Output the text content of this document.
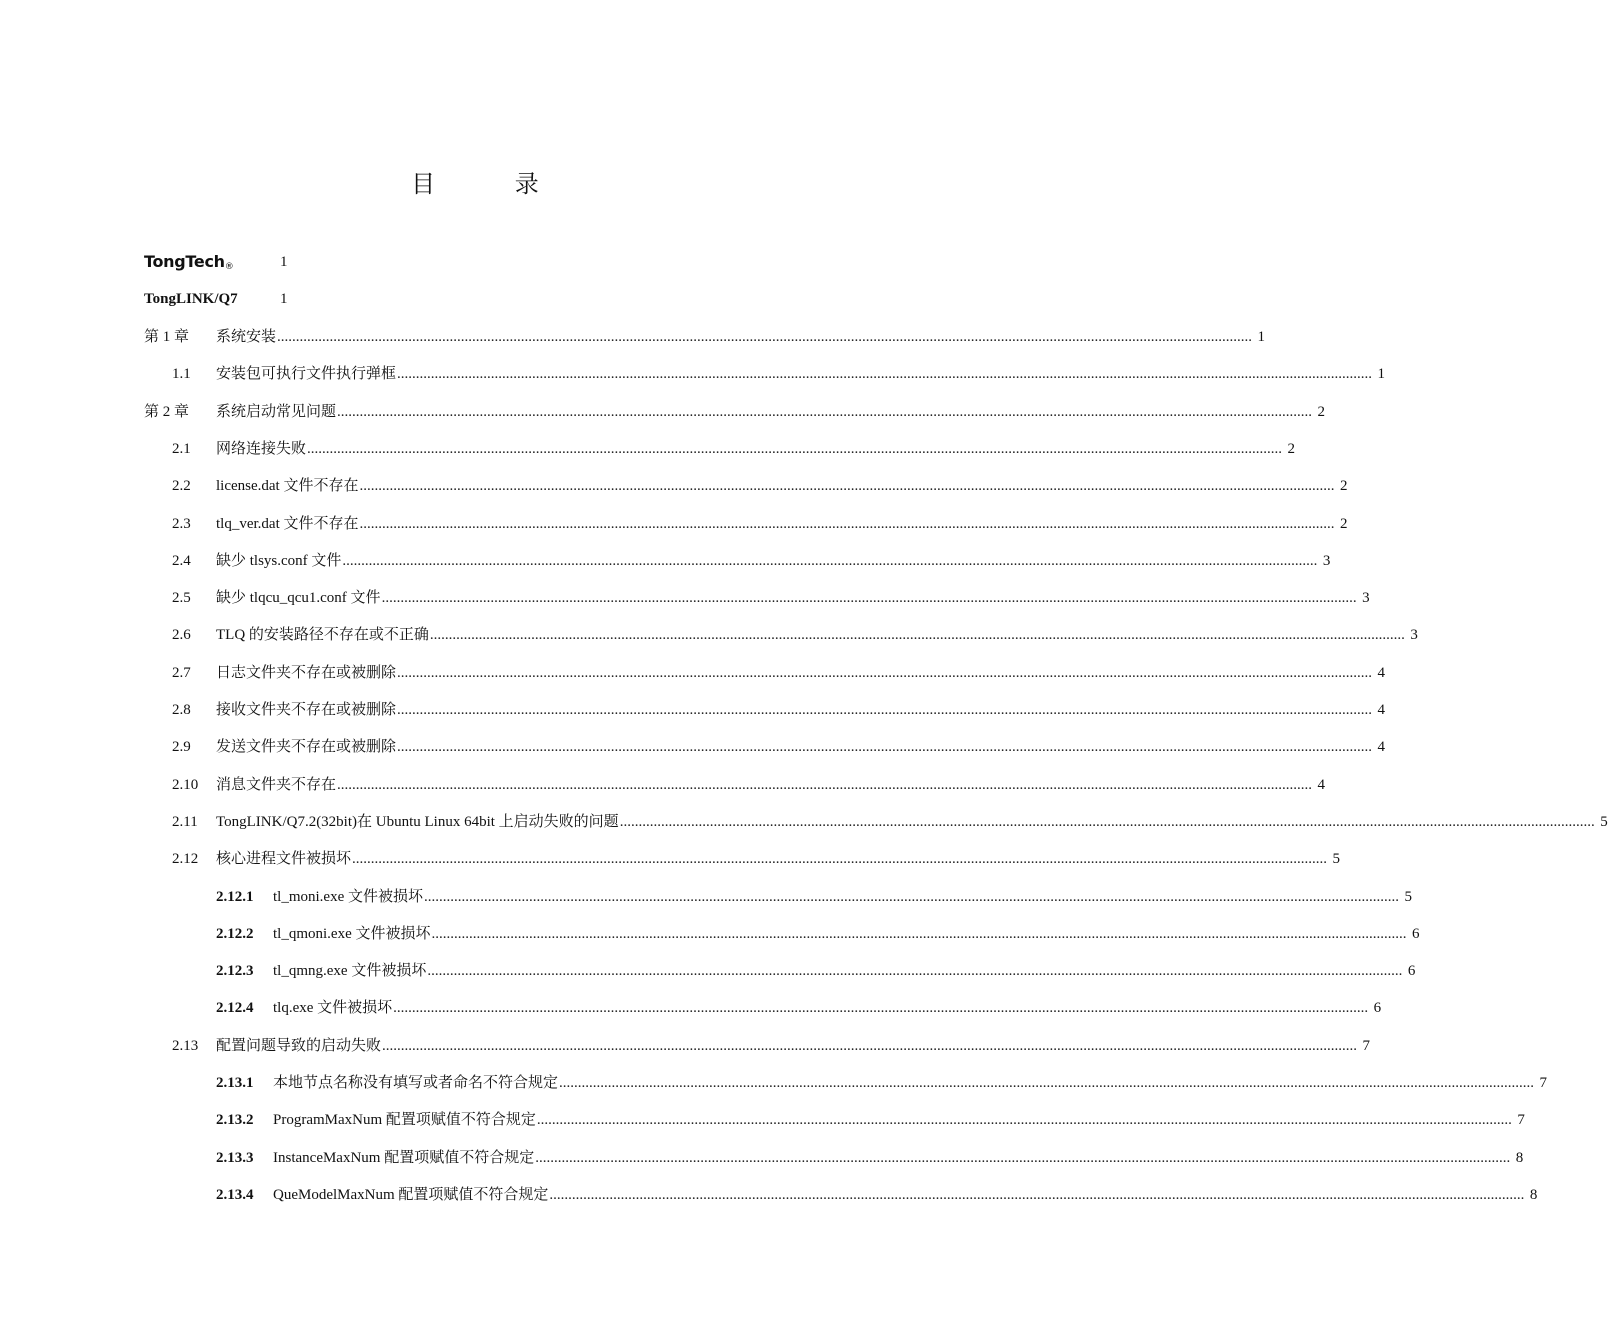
目 录
TongTech®	1
TongLINK/Q7	1
第 1 章 系统安装 .................................................................................................................................................................................................................................................................... 1
1.1 安装包可执行文件执行弹框 .................................................................................................................................................................................................................................................................... 1
第 2 章 系统启动常见问题 .................................................................................................................................................................................................................................................................... 2
2.1 网络连接失败 .................................................................................................................................................................................................................................................................... 2
2.2 license.dat 文件不存在 .................................................................................................................................................................................................................................................................... 2
2.3 tlq_ver.dat 文件不存在 .................................................................................................................................................................................................................................................................... 2
2.4 缺少 tlsys.conf 文件 .................................................................................................................................................................................................................................................................... 3
2.5 缺少 tlqcu_qcu1.conf 文件 .................................................................................................................................................................................................................................................................... 3
2.6 TLQ 的安装路径不存在或不正确 .................................................................................................................................................................................................................................................................... 3
2.7 日志文件夹不存在或被删除 .................................................................................................................................................................................................................................................................... 4
2.8 接收文件夹不存在或被删除 .................................................................................................................................................................................................................................................................... 4
2.9 发送文件夹不存在或被删除 .................................................................................................................................................................................................................................................................... 4
2.10 消息文件夹不存在 .................................................................................................................................................................................................................................................................... 4
2.11 TongLINK/Q7.2(32bit)在 Ubuntu Linux 64bit 上启动失败的问题 .................................................................................................................................................................................................................................................................... 5
2.12 核心进程文件被损坏 .................................................................................................................................................................................................................................................................... 5
2.12.1 tl_moni.exe 文件被损坏 .................................................................................................................................................................................................................................................................... 5
2.12.2 tl_qmoni.exe 文件被损坏 .................................................................................................................................................................................................................................................................... 6
2.12.3 tl_qmng.exe 文件被损坏 .................................................................................................................................................................................................................................................................... 6
2.12.4 tlq.exe 文件被损坏 .................................................................................................................................................................................................................................................................... 6
2.13 配置问题导致的启动失败 .................................................................................................................................................................................................................................................................... 7
2.13.1 本地节点名称没有填写或者命名不符合规定 .................................................................................................................................................................................................................................................................... 7
2.13.2 ProgramMaxNum 配置项赋值不符合规定 .................................................................................................................................................................................................................................................................... 7
2.13.3 InstanceMaxNum 配置项赋值不符合规定 .................................................................................................................................................................................................................................................................... 8
2.13.4 QueModelMaxNum 配置项赋值不符合规定 .................................................................................................................................................................................................................................................................... 8
